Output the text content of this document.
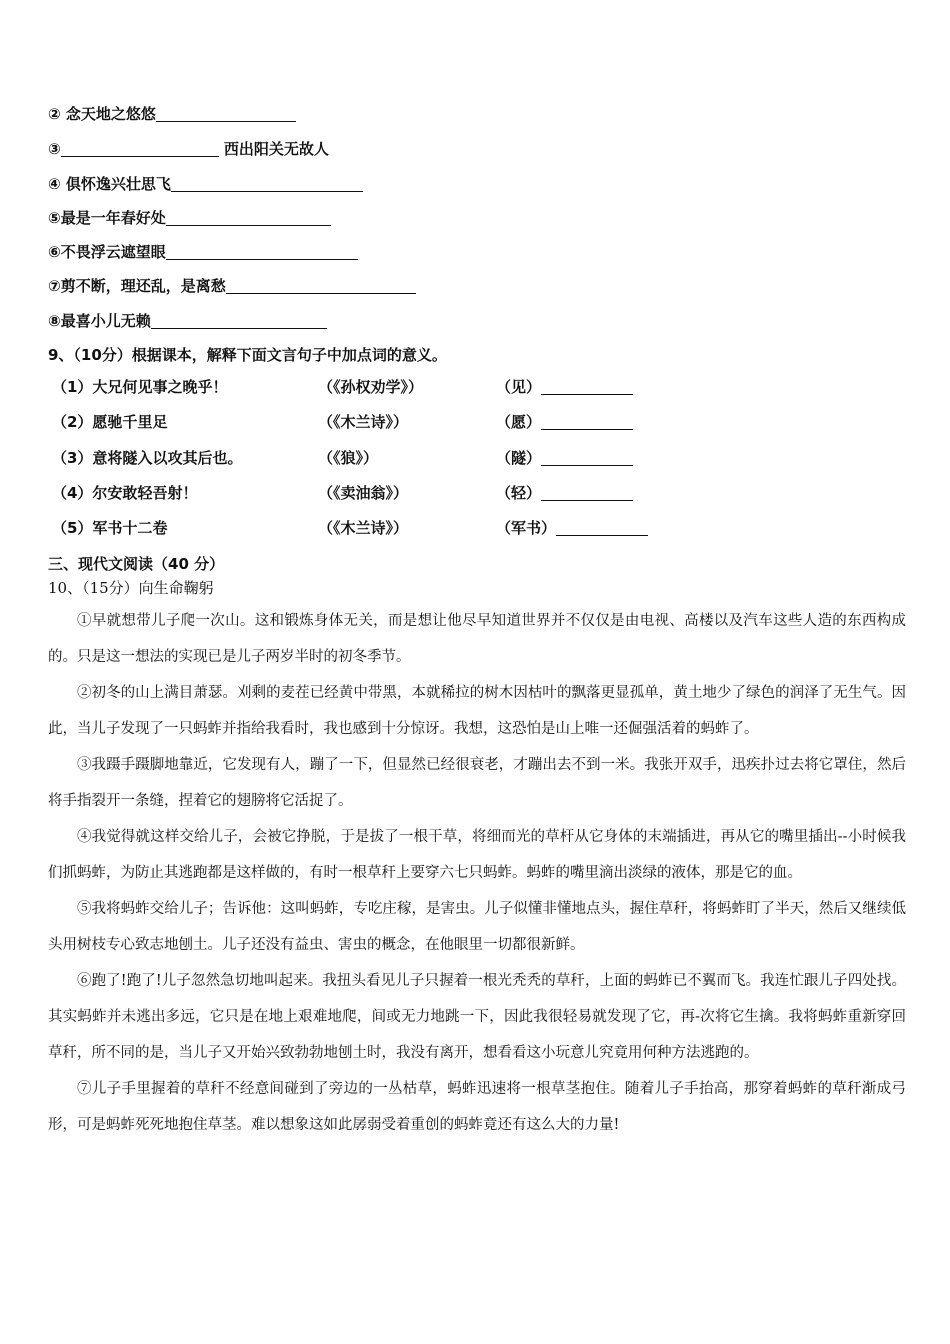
② 念天地之悠悠
③	西出阳关无故人
④ 俱怀逸兴壮思飞
⑤最是一年春好处
⑥不畏浮云遮望眼
⑦剪不断，理还乱，是离愁
⑧最喜小儿无赖
9、（10分）根据课本，解释下面文言句子中加点词的意义。
（1）大兄何见事之晚乎！	（《孙权劝学》）	（见）
（2）愿驰千里足	（《木兰诗》）	（愿）
（3）意将隧入以攻其后也。	（《狼》）	（隧）
（4）尔安敢轻吾射！	（《卖油翁》）	（轻）
（5）军书十二卷	（《木兰诗》）	（军书）
三、现代文阅读（40 分）
10、（15分）向生命鞠躬

①早就想带儿子爬一次山。这和锻炼身体无关，而是想让他尽早知道世界并不仅仅是由电视、高楼以及汽车这些人造的东西构成的。只是这一想法的实现已是儿子两岁半时的初冬季节。

②初冬的山上满目萧瑟。刈剩的麦茬已经黄中带黑，本就稀拉的树木因枯叶的飘落更显孤单，黄土地少了绿色的润泽了无生气。因此，当儿子发现了一只蚂蚱并指给我看时，我也感到十分惊讶。我想，这恐怕是山上唯一还倔强活着的蚂蚱了。

③我蹑手蹑脚地靠近，它发现有人，蹦了一下，但显然已经很衰老，才蹦出去不到一米。我张开双手，迅疾扑过去将它罩住，然后将手指裂开一条缝，捏着它的翅膀将它活捉了。

④我觉得就这样交给儿子，会被它挣脱，于是拔了一根干草，将细而光的草杆从它身体的末端插进，再从它的嘴里插出--小时候我们抓蚂蚱，为防止其逃跑都是这样做的，有时一根草秆上要穿六七只蚂蚱。蚂蚱的嘴里滴出淡绿的液体，那是它的血。

⑤我将蚂蚱交给儿子；告诉他：这叫蚂蚱，专吃庄稼，是害虫。儿子似懂非懂地点头，握住草秆，将蚂蚱盯了半天，然后又继续低头用树枝专心致志地刨土。儿子还没有益虫、害虫的概念，在他眼里一切都很新鲜。

⑥跑了!跑了!儿子忽然急切地叫起来。我扭头看见儿子只握着一根光秃秃的草秆，上面的蚂蚱已不翼而飞。我连忙跟儿子四处找。其实蚂蚱并未逃出多远，它只是在地上艰难地爬，间或无力地跳一下，因此我很轻易就发现了它，再-次将它生擒。我将蚂蚱重新穿回草秆，所不同的是，当儿子又开始兴致勃勃地刨土时，我没有离开，想看看这小玩意儿究竟用何种方法逃跑的。

⑦儿子手里握着的草秆不经意间碰到了旁边的一丛枯草，蚂蚱迅速将一根草茎抱住。随着儿子手抬高，那穿着蚂蚱的草秆渐成弓形，可是蚂蚱死死地抱住草茎。难以想象这如此孱弱受着重创的蚂蚱竟还有这么大的力量!
